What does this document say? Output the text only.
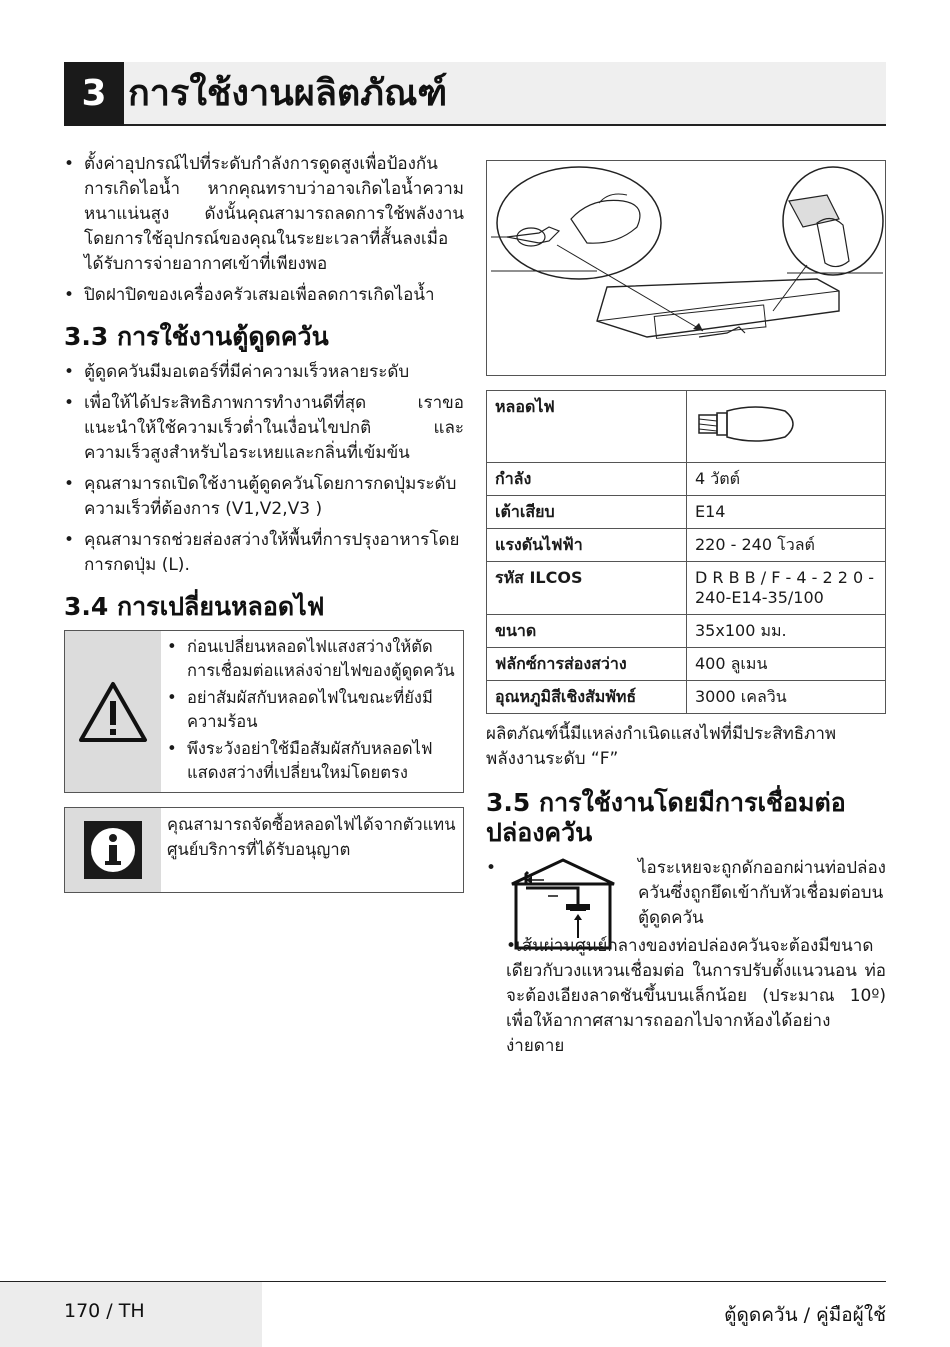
3 การใช้งานผลิตภัณฑ์
• ตั้งค่าอุปกรณ์ไปที่ระดับกำลังการดูดสูงเพื่อป้องกันการเกิดไอน้ำ หากคุณทราบว่าอาจเกิดไอน้ำความหนาแน่นสูง ดังนั้นคุณสามารถลดการใช้พลังงานโดยการใช้อุปกรณ์ของคุณในระยะเวลาที่สั้นลงเมื่อได้รับการจ่ายอากาศเข้าที่เพียงพอ
• ปิดฝาปิดของเครื่องครัวเสมอเพื่อลดการเกิดไอน้ำ
3.3 การใช้งานตู้ดูดควัน
• ตู้ดูดควันมีมอเตอร์ที่มีค่าความเร็วหลายระดับ
• เพื่อให้ได้ประสิทธิภาพการทำงานดีที่สุด เราขอแนะนำให้ใช้ความเร็วต่ำในเงื่อนไขปกติ และความเร็วสูงสำหรับไอระเหยและกลิ่นที่เข้มข้น
• คุณสามารถเปิดใช้งานตู้ดูดควันโดยการกดปุ่มระดับความเร็วที่ต้องการ (V1,V2,V3 )
• คุณสามารถช่วยส่องสว่างให้พื้นที่การปรุงอาหารโดยการกดปุ่ม (L).
3.4 การเปลี่ยนหลอดไฟ
• ก่อนเปลี่ยนหลอดไฟแสงสว่างให้ตัดการเชื่อมต่อแหล่งจ่ายไฟของตู้ดูดควัน
• อย่าสัมผัสกับหลอดไฟในขณะที่ยังมีความร้อน
• พึงระวังอย่าใช้มือสัมผัสกับหลอดไฟแสดงสว่างที่เปลี่ยนใหม่โดยตรง
คุณสามารถจัดซื้อหลอดไฟได้จากตัวแทนศูนย์บริการที่ได้รับอนุญาต
หลอดไฟ	
กำลัง	4 วัตต์
เต้าเสียบ	E14
แรงดันไฟฟ้า	220 - 240 โวลต์
รหัส ILCOS	D R B B / F - 4 - 2 2 0 - 240-E14-35/100
ขนาด	35x100 มม.
ฟลักซ์การส่องสว่าง	400 ลูเมน
อุณหภูมิสีเชิงสัมพัทธ์	3000 เคลวิน
ผลิตภัณฑ์นี้มีแหล่งกำเนิดแสงไฟที่มีประสิทธิภาพพลังงานระดับ “F”
3.5 การใช้งานโดยมีการเชื่อมต่อปล่องควัน
•	ไอระเหยจะถูกดักออกผ่านท่อปล่องควันซึ่งถูกยึดเข้ากับหัวเชื่อมต่อบนตู้ดูดควัน
•เส้นผ่านศูนย์กลางของท่อปล่องควันจะต้องมีขนาดเดียวกับวงแหวนเชื่อมต่อ ในการปรับตั้งแนวนอน ท่อจะต้องเอียงลาดชันขึ้นบนเล็กน้อย (ประมาณ 10º) เพื่อให้อากาศสามารถออกไปจากห้องได้อย่างง่ายดาย
170 / TH	ตู้ดูดควัน / คู่มือผู้ใช้
